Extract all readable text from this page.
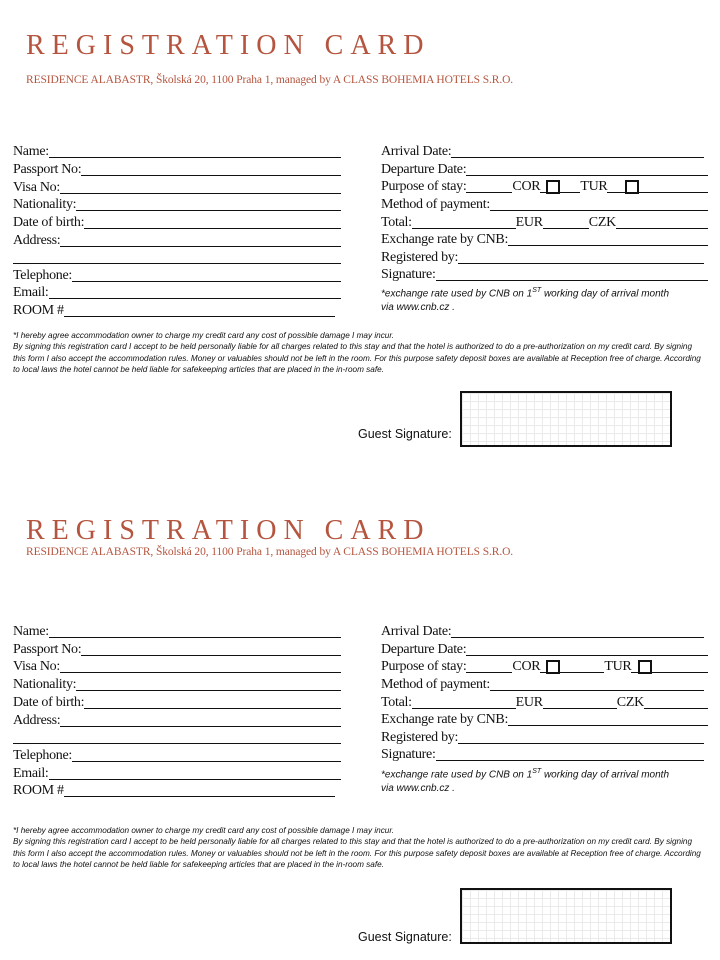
REGISTRATION CARD
RESIDENCE ALABASTR, Školská 20, 1100 Praha 1, managed by A CLASS BOHEMIA HOTELS S.R.O.
Name:
Passport No:
Visa No:
Nationality:
Date of birth:
Address:
Telephone:
Email:
ROOM #
Arrival Date:
Departure Date:
Purpose of stay:	COR	TUR
Method of payment:
Total:	EUR	CZK
Exchange rate by CNB:
Registered by:
Signature:
*exchange rate used by CNB on 1ST working day of arrival month
via www.cnb.cz .

*I hereby agree accommodation owner to charge my credit card any cost of possible damage I may incur.

By signing this registration card I accept to be held personally liable for all charges related to this stay and that the hotel is authorized to do a pre-authorization on my credit card. By signing this form I also accept the accommodation rules. Money or valuables should not be left in the room. For this purpose safety deposit boxes are available at Reception free of charge. According to local laws the hotel cannot be held liable for safekeeping articles that are placed in the in-room safe.

Guest Signature:
REGISTRATION CARD
RESIDENCE ALABASTR, Školská 20, 1100 Praha 1, managed by A CLASS BOHEMIA HOTELS S.R.O.
Name:
Passport No:
Visa No:
Nationality:
Date of birth:
Address:
Telephone:
Email:
ROOM #
Arrival Date:
Departure Date:
Purpose of stay:	COR	TUR
Method of payment:
Total:	EUR	CZK
Exchange rate by CNB:
Registered by:
Signature:
*exchange rate used by CNB on 1ST working day of arrival month
via www.cnb.cz .

*I hereby agree accommodation owner to charge my credit card any cost of possible damage I may incur.

By signing this registration card I accept to be held personally liable for all charges related to this stay and that the hotel is authorized to do a pre-authorization on my credit card. By signing this form I also accept the accommodation rules. Money or valuables should not be left in the room. For this purpose safety deposit boxes are available at Reception free of charge. According to local laws the hotel cannot be held liable for safekeeping articles that are placed in the in-room safe.

Guest Signature:
